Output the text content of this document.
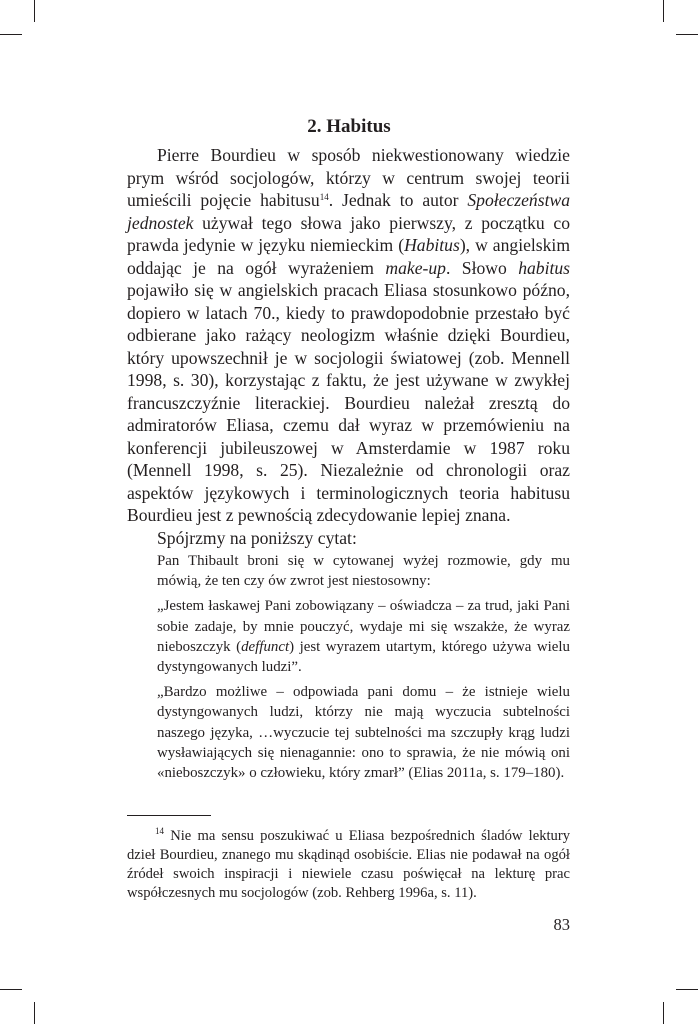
2. Habitus

Pierre Bourdieu w sposób niekwestionowany wiedzie prym wśród socjologów, którzy w centrum swojej teorii umieścili pojęcie habitusu$^{14}$. Jednak to autor Społeczeństwa jednostek używał tego słowa jako pierwszy, z początku co prawda jedynie w języku niemieckim (Habitus), w angielskim oddając je na ogół wyrażeniem make-up. Słowo habitus pojawiło się w angielskich pracach Eliasa stosunkowo późno, dopiero w latach 70., kiedy to prawdopodobnie przestało być odbierane jako rażący neologizm właśnie dzięki Bourdieu, który upowszechnił je w socjologii światowej (zob. Mennell 1998, s. 30), korzystając z faktu, że jest używane w zwykłej francuszczyźnie literackiej. Bourdieu należał zresztą do admiratorów Eliasa, czemu dał wyraz w przemówieniu na konferencji jubileuszowej w Amsterdamie w 1987 roku (Mennell 1998, s. 25). Niezależnie od chronologii oraz aspektów językowych i terminologicznych teoria habitusu Bourdieu jest z pewnością zdecydowanie lepiej znana.

Spójrzmy na poniższy cytat:

Pan Thibault broni się w cytowanej wyżej rozmowie, gdy mu mówią, że ten czy ów zwrot jest niestosowny:

„Jestem łaskawej Pani zobowiązany – oświadcza – za trud, jaki Pani sobie zadaje, by mnie pouczyć, wydaje mi się wszakże, że wyraz nieboszczyk (deffunct) jest wyrazem utartym, którego używa wielu dystyngowanych ludzi”.

„Bardzo możliwe – odpowiada pani domu – że istnieje wielu dystyngowanych ludzi, którzy nie mają wyczucia subtelności naszego języka, …wyczucie tej subtelności ma szczupły krąg ludzi wysławiających się nienagannie: ono to sprawia, że nie mówią oni «nieboszczyk» o człowieku, który zmarł” (Elias 2011a, s. 179–180).

$^{14}$ Nie ma sensu poszukiwać u Eliasa bezpośrednich śladów lektury dzieł Bourdieu, znanego mu skądinąd osobiście. Elias nie podawał na ogół źródeł swoich inspiracji i niewiele czasu poświęcał na lekturę prac współczesnych mu socjologów (zob. Rehberg 1996a, s. 11).
83
